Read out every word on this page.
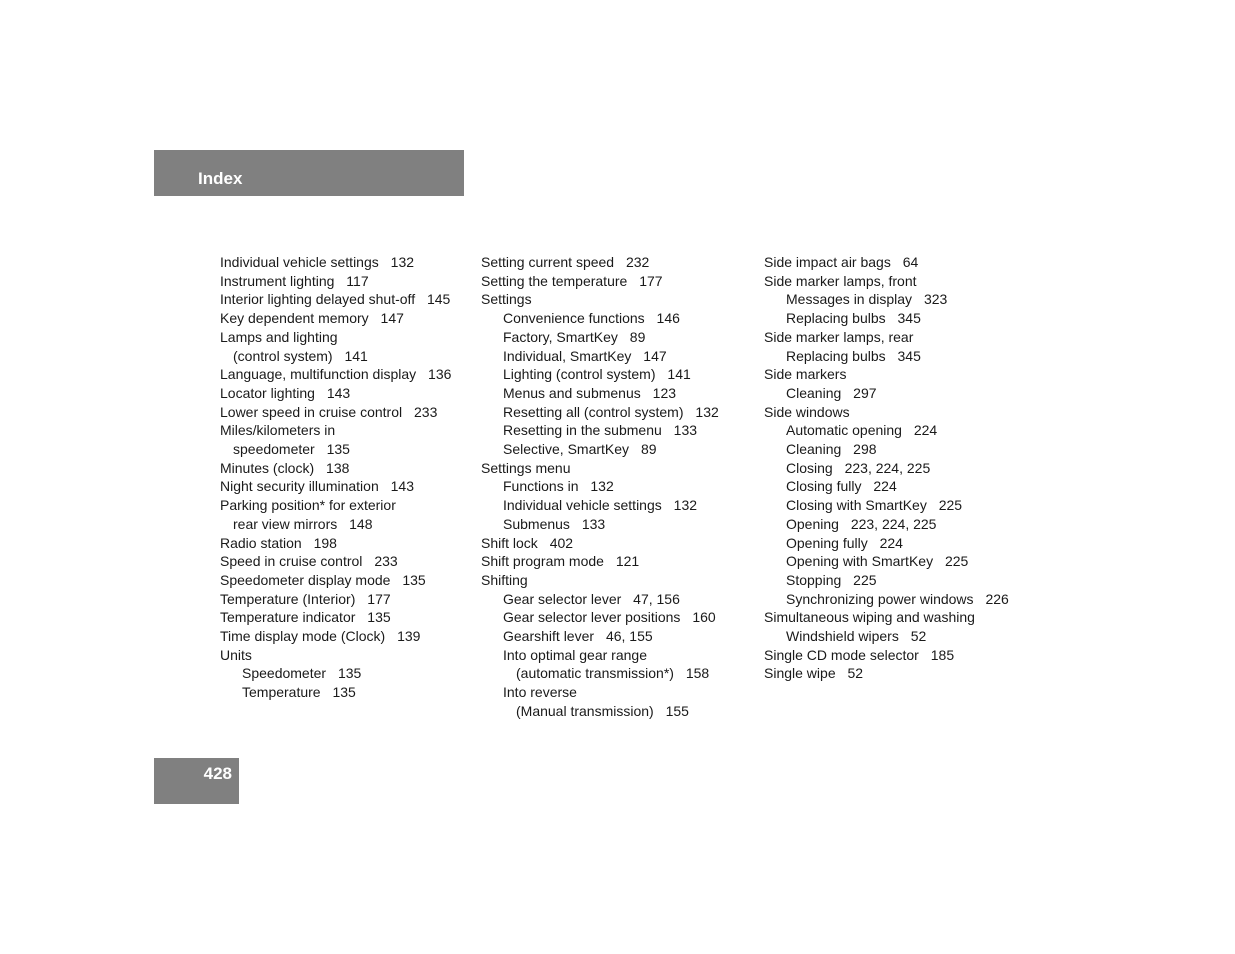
Index
Individual vehicle settings 132
Instrument lighting 117
Interior lighting delayed shut-off 145
Key dependent memory 147
Lamps and lighting
(control system) 141
Language, multifunction display 136
Locator lighting 143
Lower speed in cruise control 233
Miles/kilometers in
speedometer 135
Minutes (clock) 138
Night security illumination 143
Parking position* for exterior
rear view mirrors 148
Radio station 198
Speed in cruise control 233
Speedometer display mode 135
Temperature (Interior) 177
Temperature indicator 135
Time display mode (Clock) 139
Units
Speedometer 135
Temperature 135
Setting current speed 232
Setting the temperature 177
Settings
Convenience functions 146
Factory, SmartKey 89
Individual, SmartKey 147
Lighting (control system) 141
Menus and submenus 123
Resetting all (control system) 132
Resetting in the submenu 133
Selective, SmartKey 89
Settings menu
Functions in 132
Individual vehicle settings 132
Submenus 133
Shift lock 402
Shift program mode 121
Shifting
Gear selector lever 47, 156
Gear selector lever positions 160
Gearshift lever 46, 155
Into optimal gear range
(automatic transmission*) 158
Into reverse
(Manual transmission) 155
Side impact air bags 64
Side marker lamps, front
Messages in display 323
Replacing bulbs 345
Side marker lamps, rear
Replacing bulbs 345
Side markers
Cleaning 297
Side windows
Automatic opening 224
Cleaning 298
Closing 223, 224, 225
Closing fully 224
Closing with SmartKey 225
Opening 223, 224, 225
Opening fully 224
Opening with SmartKey 225
Stopping 225
Synchronizing power windows 226
Simultaneous wiping and washing
Windshield wipers 52
Single CD mode selector 185
Single wipe 52
428
